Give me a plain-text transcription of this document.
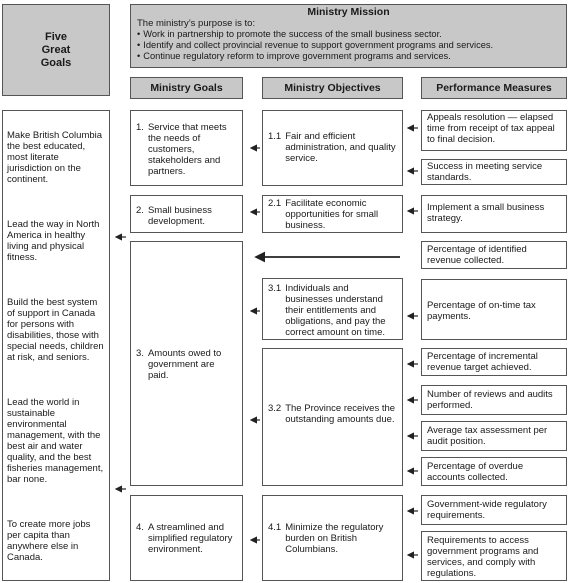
Five
Great
Goals
Ministry Mission
The ministry’s purpose is to:
• Work in partnership to promote the success of the small business sector.
• Identify and collect provincial revenue to support government programs and services.
• Continue regulatory reform to improve government programs and services.
Ministry Goals	Ministry Objectives	Performance Measures
Make British Columbia the best educated, most literate jurisdiction on the continent.
Lead the way in North America in healthy living and physical fitness.
Build the best system of support in Canada for persons with disabilities, those with special needs, children at risk, and seniors.
Lead the world in sustainable environmental management, with the best air and water quality, and the best fisheries management, bar none.
To create more jobs per capita than anywhere else in Canada.
1. Service that meets the needs of customers, stakeholders and partners.
2. Small business development.
3. Amounts owed to government are paid.
4. A streamlined and simplified regulatory environment.
1.1 Fair and efficient administration, and quality service.
2.1 Facilitate economic opportunities for small business.
3.1 Individuals and businesses understand their entitlements and obligations, and pay the correct amount on time.
3.2 The Province receives the outstanding amounts due.
4.1 Minimize the regulatory burden on British Columbians.
Appeals resolution — elapsed time from receipt of tax appeal to final decision.
Success in meeting service standards.
Implement a small business strategy.
Percentage of identified revenue collected.
Percentage of on-time tax payments.
Percentage of incremental revenue target achieved.
Number of reviews and audits performed.
Average tax assessment per audit position.
Percentage of overdue accounts collected.
Government-wide regulatory requirements.
Requirements to access government programs and services, and comply with regulations.
